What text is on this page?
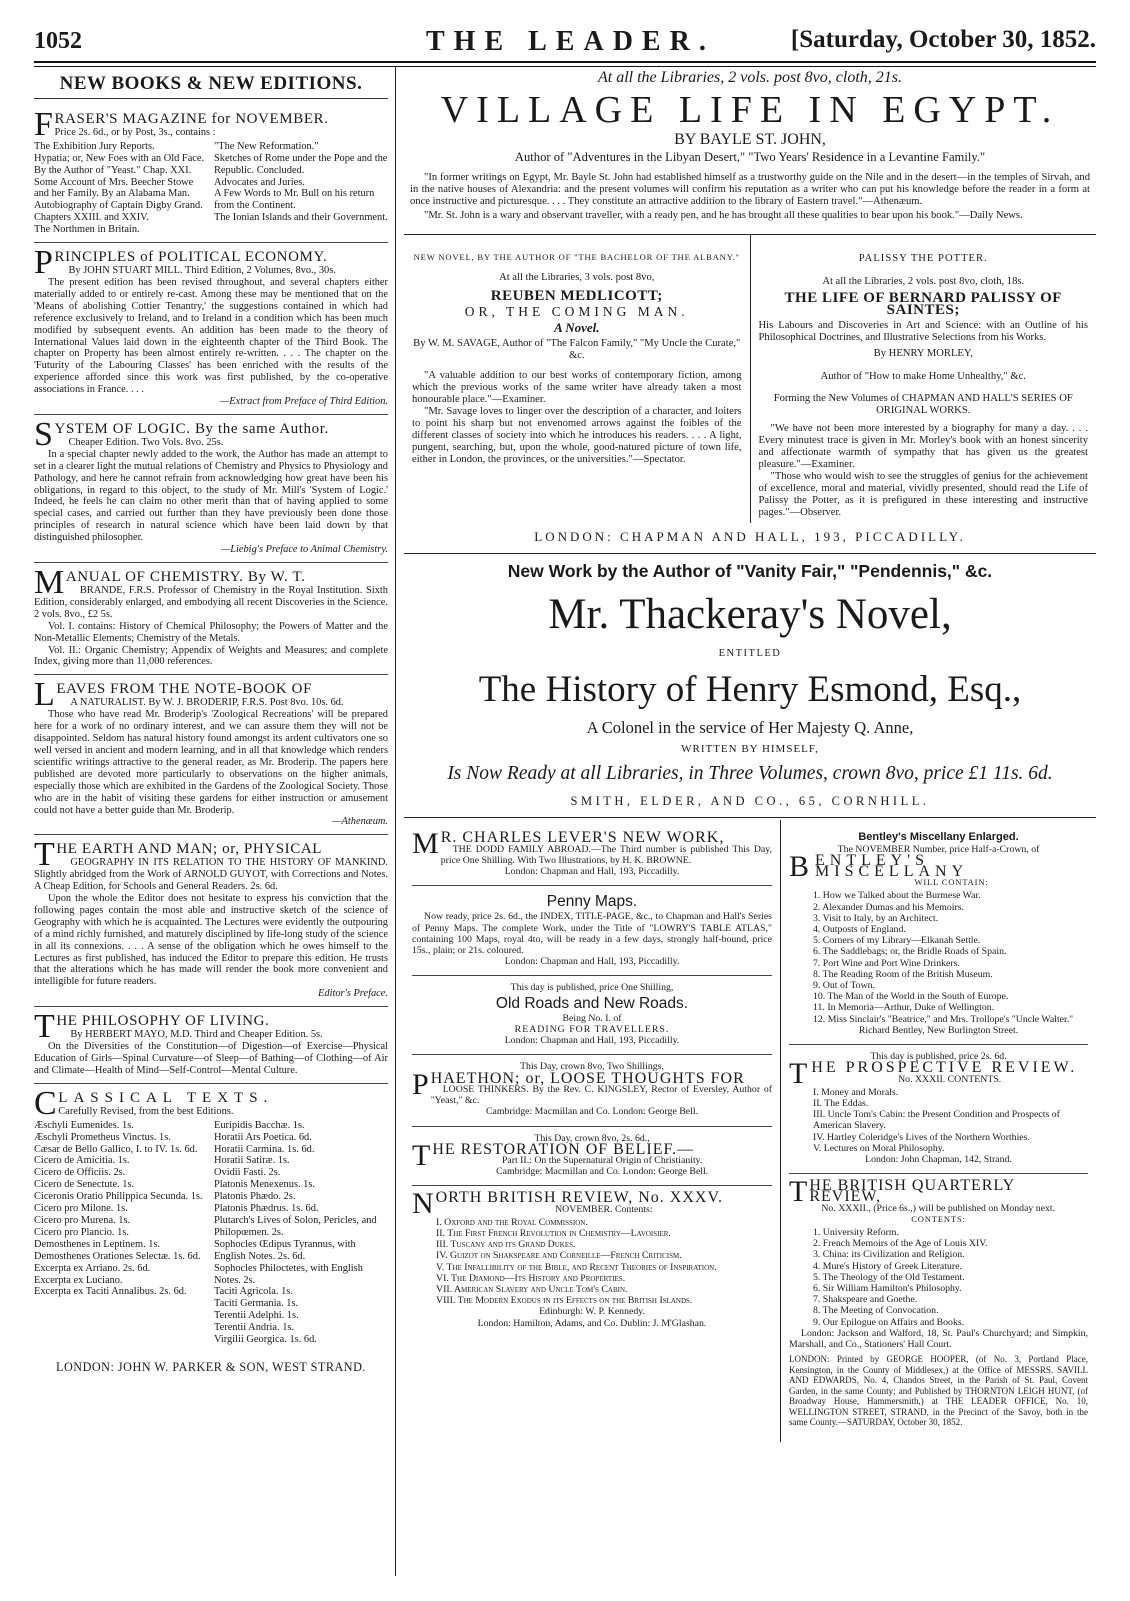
1052	THE LEADER.	[Saturday, October 30, 1852.
NEW BOOKS & NEW EDITIONS.

FRASER'S MAGAZINE for NOVEMBER.

Price 2s. 6d., or by Post, 3s., contains :

The Exhibition Jury Reports.
Hypatia; or, New Foes with an Old Face. By the Author of "Yeast." Chap. XXI.
Some Account of Mrs. Beecher Stowe and her Family. By an Alabama Man.
Autobiography of Captain Digby Grand. Chapters XXIII. and XXIV.
The Northmen in Britain.
"The New Reformation."
Sketches of Rome under the Pope and the Republic. Concluded.
Advocates and Juries.
A Few Words to Mr. Bull on his return from the Continent.
The Ionian Islands and their Government.

PRINCIPLES of POLITICAL ECONOMY.

By JOHN STUART MILL. Third Edition, 2 Volumes, 8vo., 30s.

The present edition has been revised throughout, and several chapters either materially added to or entirely re-cast. Among these may be mentioned that on the 'Means of abolishing Cottier Tenantry,' the suggestions contained in which had reference exclusively to Ireland, and to Ireland in a condition which has been much modified by subsequent events. An addition has been made to the theory of International Values laid down in the eighteenth chapter of the Third Book. The chapter on Property has been almost entirely re-written. . . . The chapter on the 'Futurity of the Labouring Classes' has been enriched with the results of the experience afforded since this work was first published, by the co-operative associations in France. . . .

—Extract from Preface of Third Edition.

SYSTEM OF LOGIC. By the same Author.

Cheaper Edition. Two Vols. 8vo. 25s.

In a special chapter newly added to the work, the Author has made an attempt to set in a clearer light the mutual relations of Chemistry and Physics to Physiology and Pathology, and here he cannot refrain from acknowledging how great have been his obligations, in regard to this object, to the study of Mr. Mill's 'System of Logic.' Indeed, he feels he can claim no other merit than that of having applied to some special cases, and carried out further than they have previously been done those principles of research in natural science which have been laid down by that distinguished philosopher.

—Liebig's Preface to Animal Chemistry.

MANUAL OF CHEMISTRY. By W. T.

BRANDE, F.R.S. Professor of Chemistry in the Royal Institution. Sixth Edition, considerably enlarged, and embodying all recent Discoveries in the Science. 2 vols. 8vo., £2 5s.

Vol. I. contains: History of Chemical Philosophy; the Powers of Matter and the Non-Metallic Elements; Chemistry of the Metals.

Vol. II.: Organic Chemistry; Appendix of Weights and Measures; and complete Index, giving more than 11,000 references.

LEAVES FROM THE NOTE-BOOK OF

A NATURALIST. By W. J. BRODERIP, F.R.S. Post 8vo. 10s. 6d.

Those who have read Mr. Broderip's 'Zoological Recreations' will be prepared here for a work of no ordinary interest, and we can assure them they will not be disappointed. Seldom has natural history found amongst its ardent cultivators one so well versed in ancient and modern learning, and in all that knowledge which renders scientific writings attractive to the general reader, as Mr. Broderip. The papers here published are devoted more particularly to observations on the higher animals, especially those which are exhibited in the Gardens of the Zoological Society. Those who are in the habit of visiting these gardens for either instruction or amusement could not have a better guide than Mr. Broderip.

—Athenæum.

THE EARTH AND MAN; or, PHYSICAL

GEOGRAPHY IN ITS RELATION TO THE HISTORY OF MANKIND. Slightly abridged from the Work of ARNOLD GUYOT, with Corrections and Notes. A Cheap Edition, for Schools and General Readers. 2s. 6d.

Upon the whole the Editor does not hesitate to express his conviction that the following pages contain the most able and instructive sketch of the science of Geography with which he is acquainted. The Lectures were evidently the outpouring of a mind richly furnished, and maturely disciplined by life-long study of the science in all its connexions. . . . A sense of the obligation which he owes himself to the Lectures as first published, has induced the Editor to prepare this edition. He trusts that the alterations which he has made will render the book more convenient and intelligible for future readers.

Editor's Preface.

THE PHILOSOPHY OF LIVING.

By HERBERT MAYO, M.D. Third and Cheaper Edition. 5s.

On the Diversities of the Constitution—of Digestion—of Exercise—Physical Education of Girls—Spinal Curvature—of Sleep—of Bathing—of Clothing—of Air and Climate—Health of Mind—Self-Control—Mental Culture.

CLASSICAL TEXTS.

Carefully Revised, from the best Editions.

Æschyli Eumenides. 1s.
Æschyli Prometheus Vinctus. 1s.
Cæsar de Bello Gallico, I. to IV. 1s. 6d.
Cicero de Amicitia. 1s.
Cicero de Officiis. 2s.
Cicero de Senectute. 1s.
Ciceronis Oratio Philippica Secunda. 1s.
Cicero pro Milone. 1s.
Cicero pro Murena. 1s.
Cicero pro Plancio. 1s.
Demosthenes in Leptinem. 1s.
Demosthenes Orationes Selectæ. 1s. 6d.
Excerpta ex Arriano. 2s. 6d.
Excerpta ex Luciano.
Excerpta ex Taciti Annalibus. 2s. 6d.
Euripidis Bacchæ. 1s.
Horatii Ars Poetica. 6d.
Horatii Carmina. 1s. 6d.
Horatii Satiræ. 1s.
Ovidii Fasti. 2s.
Platonis Menexenus. 1s.
Platonis Phædo. 2s.
Platonis Phædrus. 1s. 6d.
Plutarch's Lives of Solon, Pericles, and Philopœmen. 2s.
Sophocles Œdipus Tyrannus, with English Notes. 2s. 6d.
Sophocles Philoctetes, with English Notes. 2s.
Taciti Agricola. 1s.
Taciti Germania. 1s.
Terentii Adelphi. 1s.
Terentii Andria. 1s.
Virgilii Georgica. 1s. 6d.
LONDON: JOHN W. PARKER & SON, WEST STRAND.
At all the Libraries, 2 vols. post 8vo, cloth, 21s.
VILLAGE LIFE IN EGYPT.
BY BAYLE ST. JOHN,
Author of "Adventures in the Libyan Desert," "Two Years' Residence in a Levantine Family."

"In former writings on Egypt, Mr. Bayle St. John had established himself as a trustworthy guide on the Nile and in the desert—in the temples of Sirvah, and in the native houses of Alexandria: and the present volumes will confirm his reputation as a writer who can put his knowledge before the reader in a form at once instructive and picturesque. . . . They constitute an attractive addition to the library of Eastern travel."—Athenæum.

"Mr. St. John is a wary and observant traveller, with a ready pen, and he has brought all these qualities to bear upon his book."—Daily News.

NEW NOVEL, BY THE AUTHOR OF "THE BACHELOR OF THE ALBANY."

At all the Libraries, 3 vols. post 8vo,

REUBEN MEDLICOTT;

OR, THE COMING MAN.

A Novel.

By W. M. SAVAGE, Author of "The Falcon Family," "My Uncle the Curate," &c.

"A valuable addition to our best works of contemporary fiction, among which the previous works of the same writer have already taken a most honourable place."—Examiner.

"Mr. Savage loves to linger over the description of a character, and loiters to point his sharp but not envenomed arrows against the foibles of the different classes of society into which he introduces his readers. . . . A light, pungent, searching, but, upon the whole, good-natured picture of town life, either in London, the provinces, or the universities."—Spectator.

PALISSY THE POTTER.

At all the Libraries, 2 vols. post 8vo, cloth, 18s.

THE LIFE OF BERNARD PALISSY OF SAINTES;

His Labours and Discoveries in Art and Science: with an Outline of his Philosophical Doctrines, and Illustrative Selections from his Works.

By HENRY MORLEY,

Author of "How to make Home Unhealthy," &c.

Forming the New Volumes of CHAPMAN AND HALL'S SERIES OF ORIGINAL WORKS.

"We have not been more interested by a biography for many a day. . . . Every minutest trace is given in Mr. Morley's book with an honest sincerity and affectionate warmth of sympathy that has given us the greatest pleasure."—Examiner.

"Those who would wish to see the struggles of genius for the achievement of excellence, moral and material, vividly presented, should read the Life of Palissy the Potter, as it is prefigured in these interesting and instructive pages."—Observer.

LONDON: CHAPMAN AND HALL, 193, PICCADILLY.
New Work by the Author of "Vanity Fair," "Pendennis," &c.
Mr. Thackeray's Novel,
ENTITLED
The History of Henry Esmond, Esq.,
A Colonel in the service of Her Majesty Q. Anne,
WRITTEN BY HIMSELF,
Is Now Ready at all Libraries, in Three Volumes, crown 8vo, price £1 11s. 6d.
SMITH, ELDER, AND CO., 65, CORNHILL.

M R. CHARLES LEVER'S NEW WORK,

THE DODD FAMILY ABROAD.—The Third number is published This Day, price One Shilling. With Two Illustrations, by H. K. BROWNE.

London: Chapman and Hall, 193, Piccadilly.

Penny Maps.

Now ready, price 2s. 6d., the INDEX, TITLE-PAGE, &c., to Chapman and Hall's Series of Penny Maps. The complete Work, under the Title of "LOWRY'S TABLE ATLAS," containing 100 Maps, royal 4to, will be ready in a few days, strongly half-bound, price 15s., plain; or 21s. coloured.

London: Chapman and Hall, 193, Piccadilly.

This day is published, price One Shilling,

Old Roads and New Roads.

Being No. I. of

READING FOR TRAVELLERS.

London: Chapman and Hall, 193, Piccadilly.

This Day, crown 8vo, Two Shillings,

PHAETHON; or, LOOSE THOUGHTS FOR

LOOSE THINKERS. By the Rev. C. KINGSLEY, Rector of Eversley, Author of "Yeast," &c.

Cambridge: Macmillan and Co. London: George Bell.

This Day, crown 8vo, 2s. 6d.,

THE RESTORATION OF BELIEF.—

Part II.: On the Supernatural Origin of Christianity.

Cambridge: Macmillan and Co. London: George Bell.

NORTH BRITISH REVIEW, No. XXXV.

NOVEMBER. Contents:

I. Oxford and the Royal Commission.
II. The First French Revolution in Chemistry—Lavoisier.
III. Tuscany and its Grand Dukes.
IV. Guizot on Shakspeare and Corneille—French Criticism.
V. The Infallibility of the Bible, and Recent Theories of Inspiration.
VI. The Diamond—Its History and Properties.
VII. American Slavery and Uncle Tom's Cabin.
VIII. The Modern Exodus in its Effects on the British Islands.

Edinburgh: W. P. Kennedy.

London: Hamilton, Adams, and Co. Dublin: J. M'Glashan.

Bentley's Miscellany Enlarged.

The NOVEMBER Number, price Half-a-Crown, of

BENTLEY'S MISCELLANY

WILL CONTAIN:

1. How we Talked about the Burmese War.
2. Alexander Dumas and his Memoirs.
3. Visit to Italy, by an Architect.
4. Outposts of England.
5. Corners of my Library—Elkanah Settle.
6. The Saddlebags; or, the Bridle Roads of Spain.
7. Port Wine and Port Wine Drinkers.
8. The Reading Room of the British Museum.
9. Out of Town.
10. The Man of the World in the South of Europe.
11. In Memoria—Arthur, Duke of Wellington.
12. Miss Sinclair's "Beatrice," and Mrs. Trollope's "Uncle Walter."

Richard Bentley, New Burlington Street.

This day is published, price 2s. 6d.

THE PROSPECTIVE REVIEW.

No. XXXII. CONTENTS.

I. Money and Morals.
II. The Eddas.
III. Uncle Tom's Cabin: the Present Condition and Prospects of American Slavery.
IV. Hartley Coleridge's Lives of the Northern Worthies.
V. Lectures on Moral Philosophy.

London: John Chapman, 142, Strand.

THE BRITISH QUARTERLY REVIEW,

No. XXXII., (Price 6s.,) will be published on Monday next.

CONTENTS:

1. University Reform.
2. French Memoirs of the Age of Louis XIV.
3. China: its Civilization and Religion.
4. Mure's History of Greek Literature.
5. The Theology of the Old Testament.
6. Sir William Hamilton's Philosophy.
7. Shakspeare and Goethe.
8. The Meeting of Convocation.
9. Our Epilogue on Affairs and Books.

London: Jackson and Walford, 18, St. Paul's Churchyard; and Simpkin, Marshall, and Co., Stationers' Hall Court.

LONDON: Printed by GEORGE HOOPER, (of No. 3, Portland Place, Kensington, in the County of Middlesex,) at the Office of MESSRS. SAVILL AND EDWARDS, No. 4, Chandos Street, in the Parish of St. Paul, Covent Garden, in the same County; and Published by THORNTON LEIGH HUNT, (of Broadway House, Hammersmith,) at THE LEADER OFFICE, No. 10, WELLINGTON STREET, STRAND, in the Precinct of the Savoy, both in the same County.—SATURDAY, October 30, 1852.
